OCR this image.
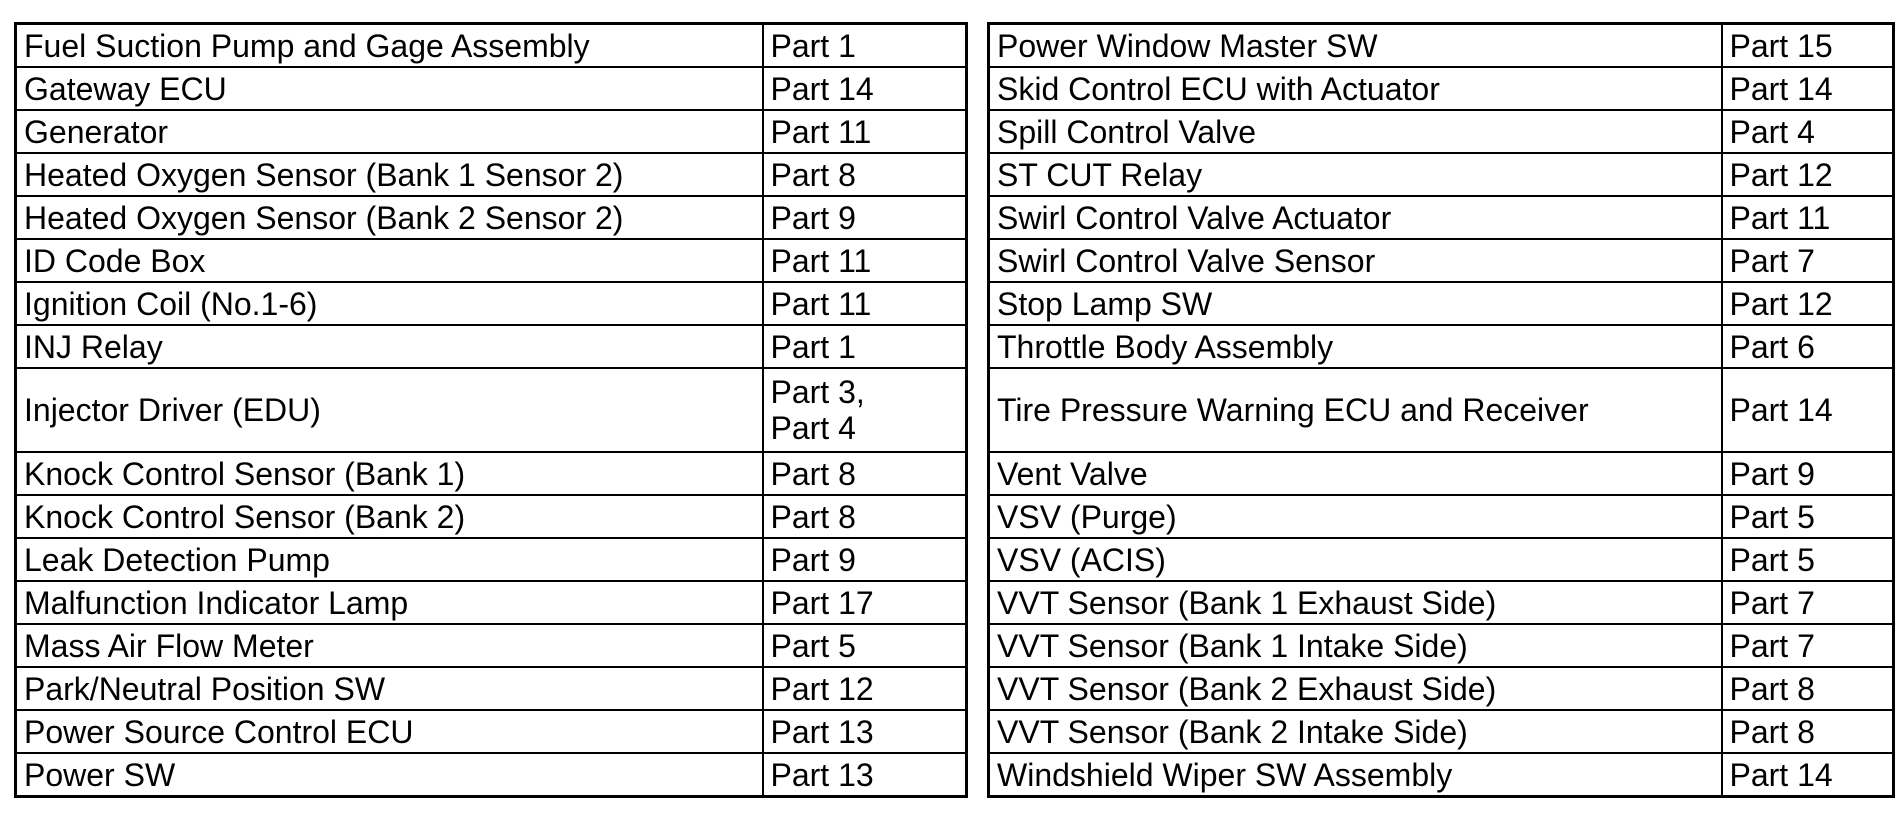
Fuel Suction Pump and Gage Assembly	Part 1
Gateway ECU	Part 14
Generator	Part 11
Heated Oxygen Sensor (Bank 1 Sensor 2)	Part 8
Heated Oxygen Sensor (Bank 2 Sensor 2)	Part 9
ID Code Box	Part 11
Ignition Coil (No.1-6)	Part 11
INJ Relay	Part 1
Injector Driver (EDU)	Part 3,
Part 4

Knock Control Sensor (Bank 1)	Part 8
Knock Control Sensor (Bank 2)	Part 8
Leak Detection Pump	Part 9
Malfunction Indicator Lamp	Part 17
Mass Air Flow Meter	Part 5
Park/Neutral Position SW	Part 12
Power Source Control ECU	Part 13
Power SW	Part 13
Power Window Master SW	Part 15
Skid Control ECU with Actuator	Part 14
Spill Control Valve	Part 4
ST CUT Relay	Part 12
Swirl Control Valve Actuator	Part 11
Swirl Control Valve Sensor	Part 7
Stop Lamp SW	Part 12
Throttle Body Assembly	Part 6
Tire Pressure Warning ECU and Receiver	Part 14
Vent Valve	Part 9
VSV (Purge)	Part 5
VSV (ACIS)	Part 5
VVT Sensor (Bank 1 Exhaust Side)	Part 7
VVT Sensor (Bank 1 Intake Side)	Part 7
VVT Sensor (Bank 2 Exhaust Side)	Part 8
VVT Sensor (Bank 2 Intake Side)	Part 8
Windshield Wiper SW Assembly	Part 14
